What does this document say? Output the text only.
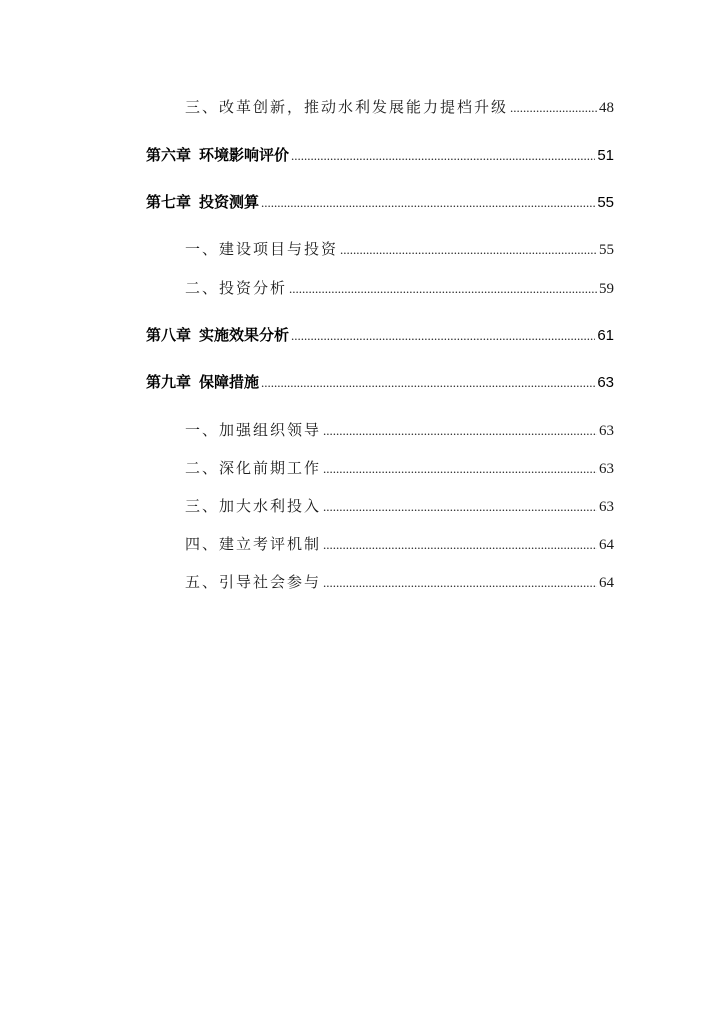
三、改革创新，推动水利发展能力提档升级 .....	48
第六章 环境影响评价 .....	51
第七章 投资测算 .....	55
一、建设项目与投资 .....	55
二、投资分析 .....	59
第八章 实施效果分析 .....	61
第九章 保障措施 .....	63
一、加强组织领导 .....	63
二、深化前期工作 .....	63
三、加大水利投入 .....	63
四、建立考评机制 .....	64
五、引导社会参与 .....	64
